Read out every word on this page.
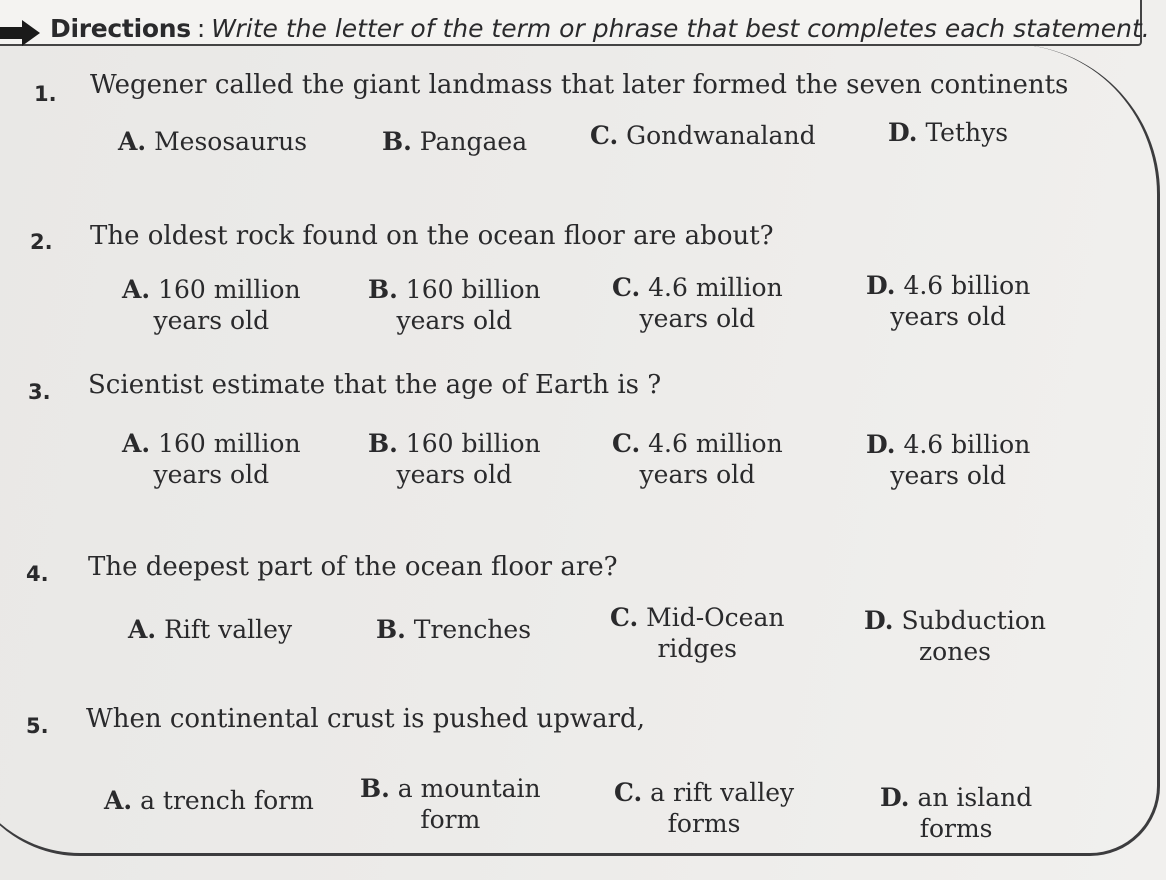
Directions : Write the letter of the term or phrase that best completes each statement.
1. Wegener called the giant landmass that later formed the seven continents
A. Mesosaurus	B. Pangaea	C. Gondwanaland	D. Tethys
2. The oldest rock found on the ocean floor are about?
A. 160 million
years old
B. 160 billion
years old
C. 4.6 million
years old
D. 4.6 billion
years old
3. Scientist estimate that the age of Earth is ?
A. 160 million
years old
B. 160 billion
years old
C. 4.6 million
years old
D. 4.6 billion
years old
4. The deepest part of the ocean floor are?
A. Rift valley	B. Trenches	C. Mid-Ocean
ridges
D. Subduction
zones
5. When continental crust is pushed upward,
A. a trench form B. a mountain
form
C. a rift valley
forms
D. an island
forms
